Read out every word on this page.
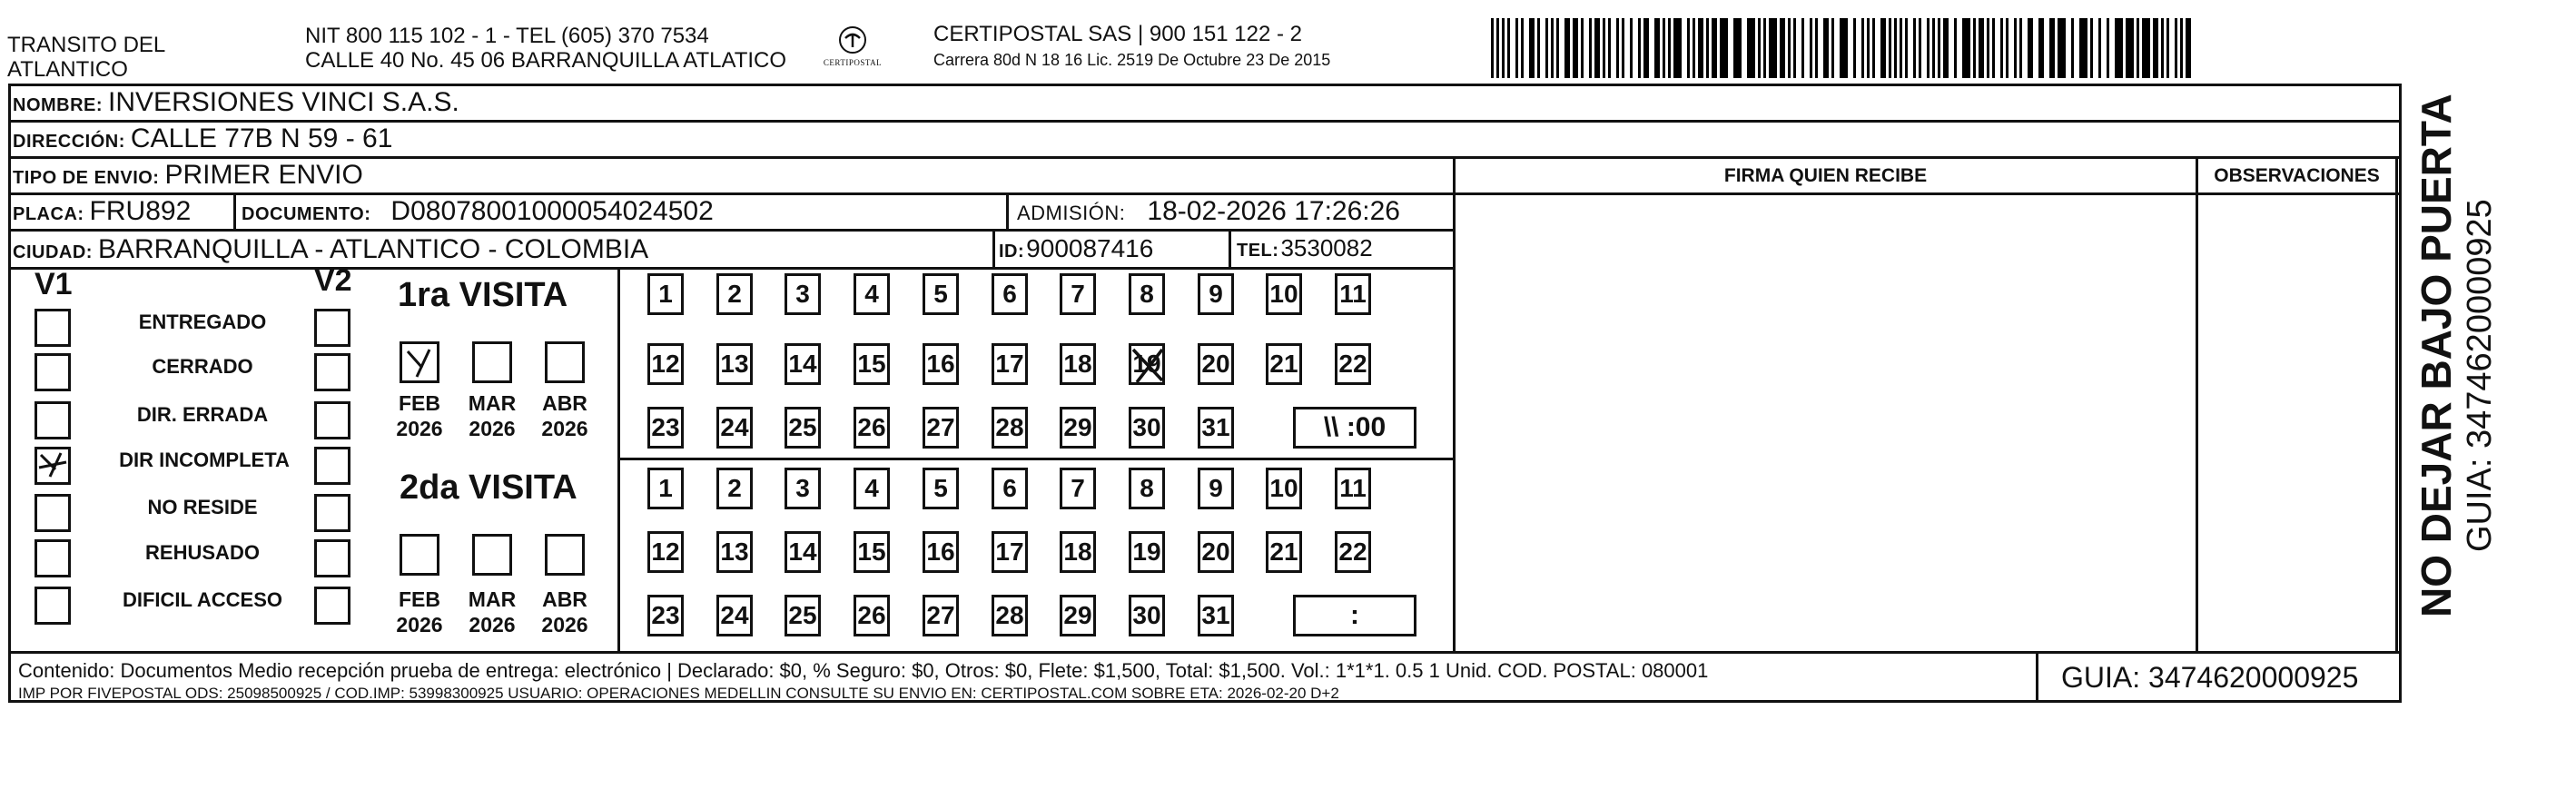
TRANSITO DEL
ATLANTICO
NIT 800 115 102 - 1 - TEL (605) 370 7534
CALLE 40 No. 45 06 BARRANQUILLA ATLATICO	CERTIPOSTAL
CERTIPOSTAL SAS | 900 151 122 - 2
Carrera 80d N 18 16 Lic. 2519 De Octubre 23 De 2015
NOMBRE: INVERSIONES VINCI S.A.S.
DIRECCIÓN: CALLE 77B N 59 - 61
TIPO DE ENVIO: PRIMER ENVIO	FIRMA QUIEN RECIBE	OBSERVACIONES
PLACA: FRU892	DOCUMENTO: D08078001000054024502	ADMISIÓN: 18-02-2026 17:26:26
CIUDAD: BARRANQUILLA - ATLANTICO - COLOMBIA	ID: 900087416	TEL: 3530082
V1	V2
ENTREGADO
CERRADO
DIR. ERRADA
DIR INCOMPLETA
NO RESIDE
REHUSADO
DIFICIL ACCESO
1ra VISITA
2da VISITA
1 2 3 4 5 6 7 8 9 10 11
12 13 14 15 16 17 18 19 20 21 22
23 24 25 26 27 28 29 30 31	\\ :00
1 2 3 4 5 6 7 8 9 10 11
12 13 14 15 16 17 18 19 20 21 22
23 24 25 26 27 28 29 30 31	:
FEB
2026
MAR
2026
ABR
2026
FEB
2026
MAR
2026
ABR
2026
Contenido: Documentos Medio recepción prueba de entrega: electrónico | Declarado: $0, % Seguro: $0, Otros: $0, Flete: $1,500, Total: $1,500. Vol.: 1*1*1. 0.5 1 Unid. COD. POSTAL: 080001
IMP POR FIVEPOSTAL ODS: 25098500925 / COD.IMP: 53998300925 USUARIO: OPERACIONES MEDELLIN CONSULTE SU ENVIO EN: CERTIPOSTAL.COM SOBRE ETA: 2026-02-20 D+2	GUIA: 3474620000925
NO DEJAR BAJO PUERTA GUIA: 3474620000925
